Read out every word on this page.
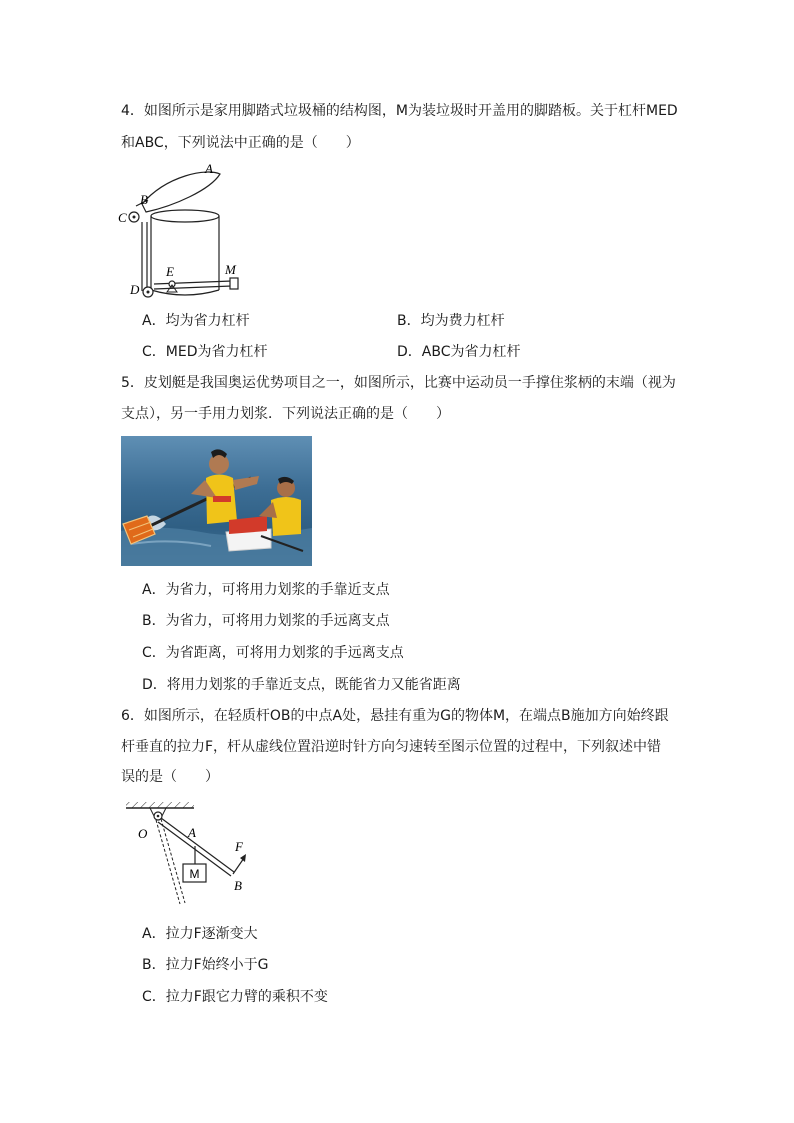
4．如图所示是家用脚踏式垃圾桶的结构图，M为装垃圾时开盖用的脚踏板。关于杠杆MED
和ABC，下列说法中正确的是（　　）
A
B
C
D
E	M
A．均为省力杠杆	B．均为费力杠杆
C．MED为省力杠杆	D．ABC为省力杠杆
5．皮划艇是我国奥运优势项目之一，如图所示，比赛中运动员一手撑住浆柄的末端（视为
支点），另一手用力划浆．下列说法正确的是（　　）
A．为省力，可将用力划浆的手靠近支点
B．为省力，可将用力划浆的手远离支点
C．为省距离，可将用力划浆的手远离支点
D．将用力划浆的手靠近支点，既能省力又能省距离
6．如图所示，在轻质杆OB的中点A处，悬挂有重为G的物体M，在端点B施加方向始终跟
杆垂直的拉力F，杆从虚线位置沿逆时针方向匀速转至图示位置的过程中，下列叙述中错
误的是（　　）
M
O	A
F
B
A．拉力F逐渐变大
B．拉力F始终小于G
C．拉力F跟它力臂的乘积不变
